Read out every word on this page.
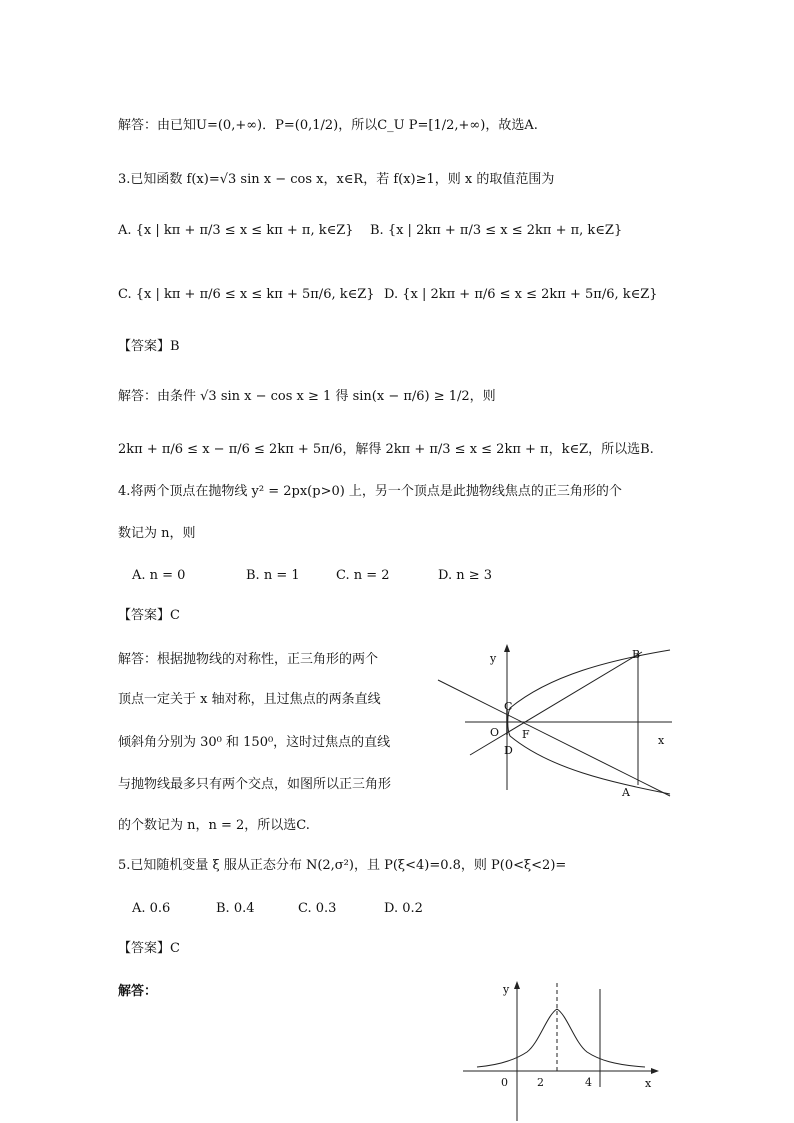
解答：由已知U=(0,+∞)．P=(0,1/2)，所以C_U P=[1/2,+∞)，故选A.
3.已知函数 f(x)=√3 sin x − cos x，x∈R，若 f(x)≥1，则 x 的取值范围为
A. {x | kπ + π/3 ≤ x ≤ kπ + π, k∈Z} B. {x | 2kπ + π/3 ≤ x ≤ 2kπ + π, k∈Z}
C. {x | kπ + π/6 ≤ x ≤ kπ + 5π/6, k∈Z} D. {x | 2kπ + π/6 ≤ x ≤ 2kπ + 5π/6, k∈Z}
【答案】B
解答：由条件 √3 sin x − cos x ≥ 1 得 sin(x − π/6) ≥ 1/2，则
2kπ + π/6 ≤ x − π/6 ≤ 2kπ + 5π/6，解得 2kπ + π/3 ≤ x ≤ 2kπ + π，k∈Z，所以选B.
4.将两个顶点在抛物线 y² = 2px(p>0) 上，另一个顶点是此抛物线焦点的正三角形的个
数记为 n，则
A. n = 0	B. n = 1	C. n = 2	D. n ≥ 3
【答案】C
解答：根据抛物线的对称性，正三角形的两个
顶点一定关于 x 轴对称，且过焦点的两条直线
倾斜角分别为 30⁰ 和 150⁰，这时过焦点的直线
与抛物线最多只有两个交点，如图所以正三角形
的个数记为 n，n = 2，所以选C.
y
x
O F
B
A
C
D
5.已知随机变量 ξ 服从正态分布 N(2,σ²)，且 P(ξ<4)=0.8，则 P(0<ξ<2)=
A. 0.6	B. 0.4	C. 0.3	D. 0.2
【答案】C
解答：	y
x
0	2	4
